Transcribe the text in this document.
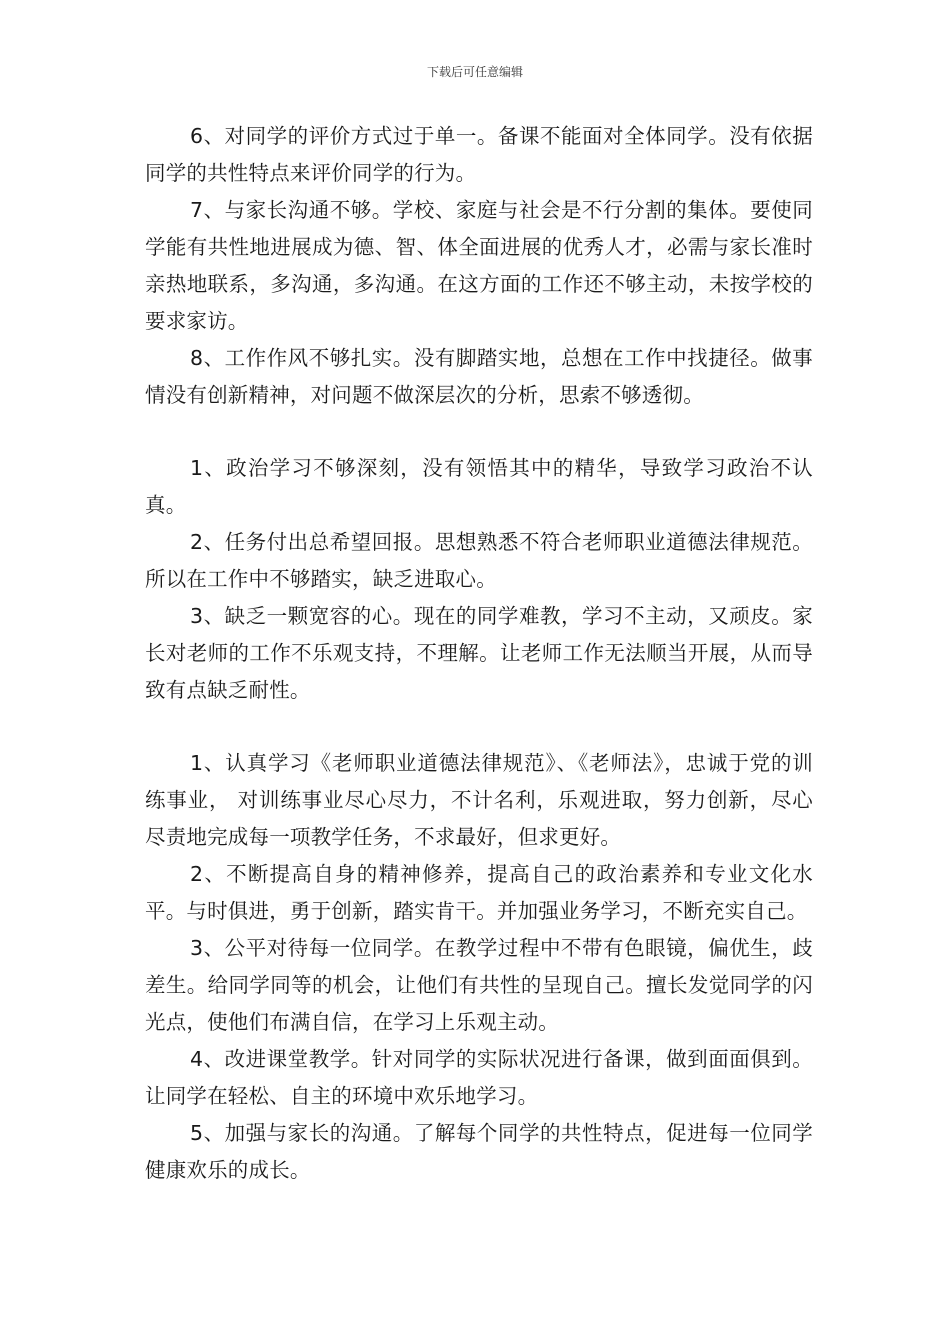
下载后可任意编辑

6、对同学的评价方式过于单一。备课不能面对全体同学。没有依据同学的共性特点来评价同学的行为。

7、与家长沟通不够。学校、家庭与社会是不行分割的集体。要使同学能有共性地进展成为德、智、体全面进展的优秀人才，必需与家长准时亲热地联系，多沟通，多沟通。在这方面的工作还不够主动，未按学校的要求家访。

8、工作作风不够扎实。没有脚踏实地，总想在工作中找捷径。做事情没有创新精神，对问题不做深层次的分析，思索不够透彻。

1、政治学习不够深刻，没有领悟其中的精华，导致学习政治不认真。

2、任务付出总希望回报。思想熟悉不符合老师职业道德法律规范。所以在工作中不够踏实，缺乏进取心。

3、缺乏一颗宽容的心。现在的同学难教，学习不主动，又顽皮。家长对老师的工作不乐观支持，不理解。让老师工作无法顺当开展，从而导致有点缺乏耐性。

1、认真学习《老师职业道德法律规范》、《老师法》，忠诚于党的训练事业， 对训练事业尽心尽力，不计名利，乐观进取，努力创新，尽心尽责地完成每一项教学任务，不求最好，但求更好。

2、不断提高自身的精神修养，提高自己的政治素养和专业文化水平。与时俱进，勇于创新，踏实肯干。并加强业务学习，不断充实自己。

3、公平对待每一位同学。在教学过程中不带有色眼镜，偏优生，歧差生。给同学同等的机会，让他们有共性的呈现自己。擅长发觉同学的闪光点，使他们布满自信，在学习上乐观主动。

4、改进课堂教学。针对同学的实际状况进行备课，做到面面俱到。让同学在轻松、自主的环境中欢乐地学习。

5、加强与家长的沟通。了解每个同学的共性特点，促进每一位同学健康欢乐的成长。
